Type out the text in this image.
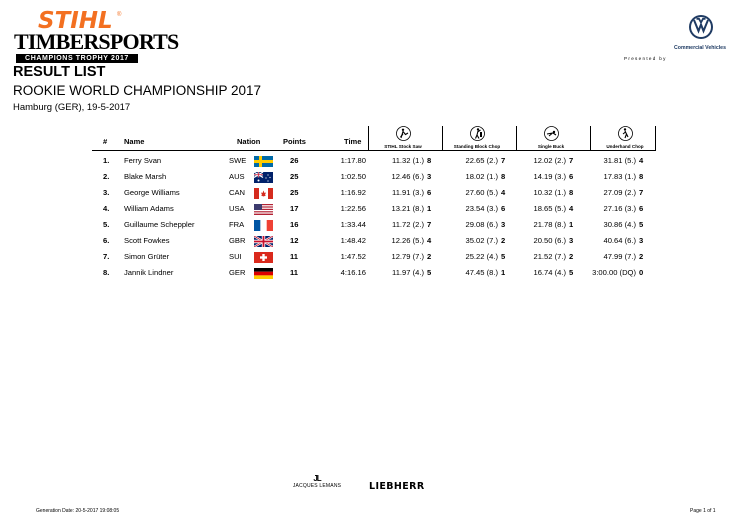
STIHL ®
TIMBERSPORTS
CHAMPIONS TROPHY 2017
RESULT LIST
ROOKIE WORLD CHAMPIONSHIP 2017
Hamburg (GER), 19-5-2017
Presented by
Commercial Vehicles
# Name	Nation	Points	Time
STIHL Stock Saw	Standing Block Chop	Single Buck	Underhand Chop
1. Ferry Svan	SWE	26	1:17.80	11.32 (1.) 8	22.65 (2.) 7	12.02 (2.) 7	31.81 (5.) 4
2. Blake Marsh	AUS	25	1:02.50	12.46 (6.) 3	18.02 (1.) 8	14.19 (3.) 6	17.83 (1.) 8
3. George Williams	CAN	25	1:16.92	11.91 (3.) 6	27.60 (5.) 4	10.32 (1.) 8	27.09 (2.) 7
4. William Adams	USA	17	1:22.56	13.21 (8.) 1	23.54 (3.) 6	18.65 (5.) 4	27.16 (3.) 6
5. Guillaume Scheppler	FRA	16	1:33.44	11.72 (2.) 7	29.08 (6.) 3	21.78 (8.) 1	30.86 (4.) 5
6. Scott Fowkes	GBR	12	1:48.42	12.26 (5.) 4	35.02 (7.) 2	20.50 (6.) 3	40.64 (6.) 3
7. Simon Grüter	SUI	11	1:47.52	12.79 (7.) 2	25.22 (4.) 5	21.52 (7.) 2	47.99 (7.) 2
8. Jannik Lindner	GER	11	4:16.16	11.97 (4.) 5	47.45 (8.) 1	16.74 (4.) 5	3:00.00 (DQ) 0
JL
JACQUES LEMANS	LIEBHERR
Generation Date: 20-5-2017 19:08:05	Page 1 of 1
